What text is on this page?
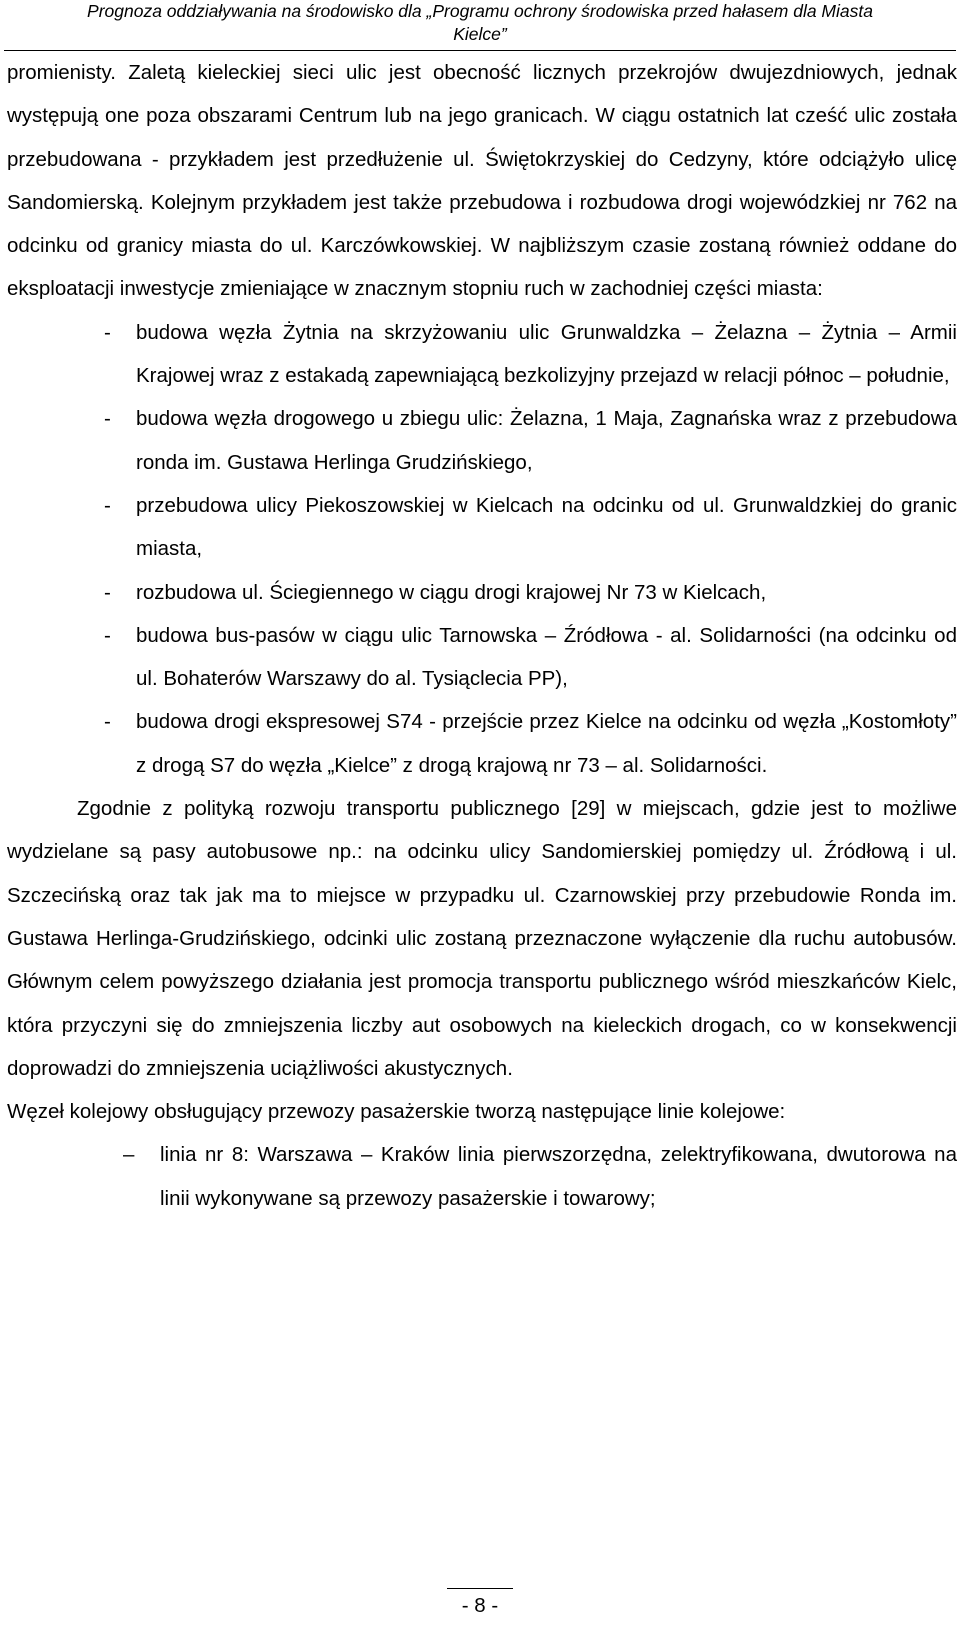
Prognoza oddziaływania na środowisko dla „Programu ochrony środowiska przed hałasem dla Miasta
Kielce”

promienisty. Zaletą kieleckiej sieci ulic jest obecność licznych przekrojów dwujezdniowych, jednak występują one poza obszarami Centrum lub na jego granicach. W ciągu ostatnich lat cześć ulic została przebudowana - przykładem jest przedłużenie ul. Świętokrzyskiej do Cedzyny, które odciążyło ulicę Sandomierską. Kolejnym przykładem jest także przebudowa i rozbudowa drogi wojewódzkiej nr 762 na odcinku od granicy miasta do ul. Karczówkowskiej. W najbliższym czasie zostaną również oddane do eksploatacji inwestycje zmieniające w znacznym stopniu ruch w zachodniej części miasta:

- budowa węzła Żytnia na skrzyżowaniu ulic Grunwaldzka – Żelazna – Żytnia – Armii Krajowej wraz z estakadą zapewniającą bezkolizyjny przejazd w relacji północ – południe,
- budowa węzła drogowego u zbiegu ulic: Żelazna, 1 Maja, Zagnańska wraz z przebudowa ronda im. Gustawa Herlinga Grudzińskiego,
- przebudowa ulicy Piekoszowskiej w Kielcach na odcinku od ul. Grunwaldzkiej do granic miasta,
- rozbudowa ul. Ściegiennego w ciągu drogi krajowej Nr 73 w Kielcach,
- budowa bus-pasów w ciągu ulic Tarnowska – Źródłowa - al. Solidarności (na odcinku od ul. Bohaterów Warszawy do al. Tysiąclecia PP),
- budowa drogi ekspresowej S74 - przejście przez Kielce na odcinku od węzła „Kostomłoty” z drogą S7 do węzła „Kielce” z drogą krajową nr 73 – al. Solidarności.

Zgodnie z polityką rozwoju transportu publicznego [29] w miejscach, gdzie jest to możliwe wydzielane są pasy autobusowe np.: na odcinku ulicy Sandomierskiej pomiędzy ul. Źródłową i ul. Szczecińską oraz tak jak ma to miejsce w przypadku ul. Czarnowskiej przy przebudowie Ronda im. Gustawa Herlinga-Grudzińskiego, odcinki ulic zostaną przeznaczone wyłączenie dla ruchu autobusów. Głównym celem powyższego działania jest promocja transportu publicznego wśród mieszkańców Kielc, która przyczyni się do zmniejszenia liczby aut osobowych na kieleckich drogach, co w konsekwencji doprowadzi do zmniejszenia uciążliwości akustycznych.

Węzeł kolejowy obsługujący przewozy pasażerskie tworzą następujące linie kolejowe:

– linia nr 8: Warszawa – Kraków linia pierwszorzędna, zelektryfikowana, dwutorowa na linii wykonywane są przewozy pasażerskie i towarowy;
- 8 -
